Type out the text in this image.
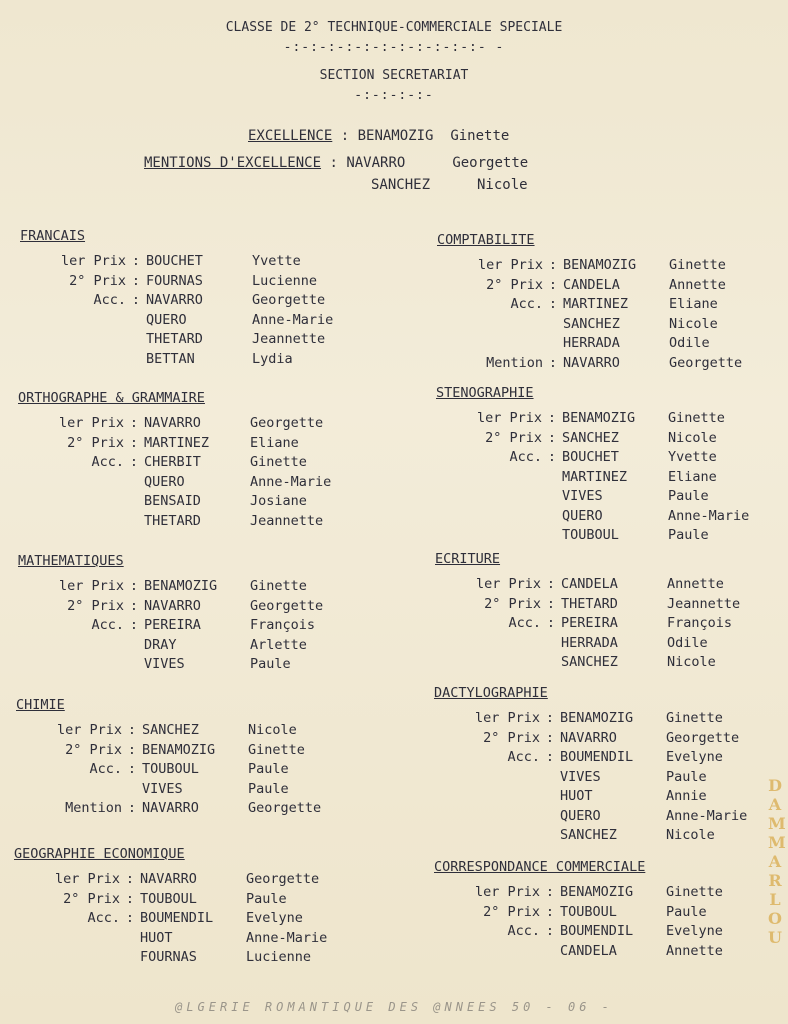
CLASSE DE 2° TECHNIQUE-COMMERCIALE SPECIALE
-:-:-:-:-:-:-:-:-:-:-:- -
SECTION SECRETARIAT
-:-:-:-:-
EXCELLENCE : BENAMOZIG Ginette
MENTIONS D'EXCELLENCE : NAVARRO	Georgette
SANCHEZ	Nicole
FRANCAIS
ler Prix : BOUCHET	Yvette
2° Prix : FOURNAS	Lucienne
Acc. : NAVARRO	Georgette
QUERO	Anne-Marie
THETARD	Jeannette
BETTAN	Lydia
ORTHOGRAPHE & GRAMMAIRE
ler Prix : NAVARRO	Georgette
2° Prix : MARTINEZ	Eliane
Acc. : CHERBIT	Ginette
QUERO	Anne-Marie
BENSAID	Josiane
THETARD	Jeannette
MATHEMATIQUES
ler Prix : BENAMOZIG	Ginette
2° Prix : NAVARRO	Georgette
Acc. : PEREIRA	François
DRAY	Arlette
VIVES	Paule
CHIMIE
ler Prix : SANCHEZ	Nicole
2° Prix : BENAMOZIG	Ginette
Acc. : TOUBOUL	Paule
VIVES	Paule
Mention : NAVARRO	Georgette
GEOGRAPHIE ECONOMIQUE
ler Prix : NAVARRO	Georgette
2° Prix : TOUBOUL	Paule
Acc. : BOUMENDIL	Evelyne
HUOT	Anne-Marie
FOURNAS	Lucienne
COMPTABILITE
ler Prix : BENAMOZIG	Ginette
2° Prix : CANDELA	Annette
Acc. : MARTINEZ	Eliane
SANCHEZ	Nicole
HERRADA	Odile
Mention : NAVARRO	Georgette
STENOGRAPHIE
ler Prix : BENAMOZIG	Ginette
2° Prix : SANCHEZ	Nicole
Acc. : BOUCHET	Yvette
MARTINEZ	Eliane
VIVES	Paule
QUERO	Anne-Marie
TOUBOUL	Paule
ECRITURE
ler Prix : CANDELA	Annette
2° Prix : THETARD	Jeannette
Acc. : PEREIRA	François
HERRADA	Odile
SANCHEZ	Nicole
DACTYLOGRAPHIE
ler Prix : BENAMOZIG	Ginette
2° Prix : NAVARRO	Georgette
Acc. : BOUMENDIL	Evelyne
VIVES	Paule
HUOT	Annie
QUERO	Anne-Marie
SANCHEZ	Nicole
CORRESPONDANCE COMMERCIALE
ler Prix : BENAMOZIG	Ginette
2° Prix : TOUBOUL	Paule
Acc. : BOUMENDIL	Evelyne
CANDELA	Annette
DAMMARLOU
@LGERIE ROMANTIQUE DES @NNEES 50 - 06 -
